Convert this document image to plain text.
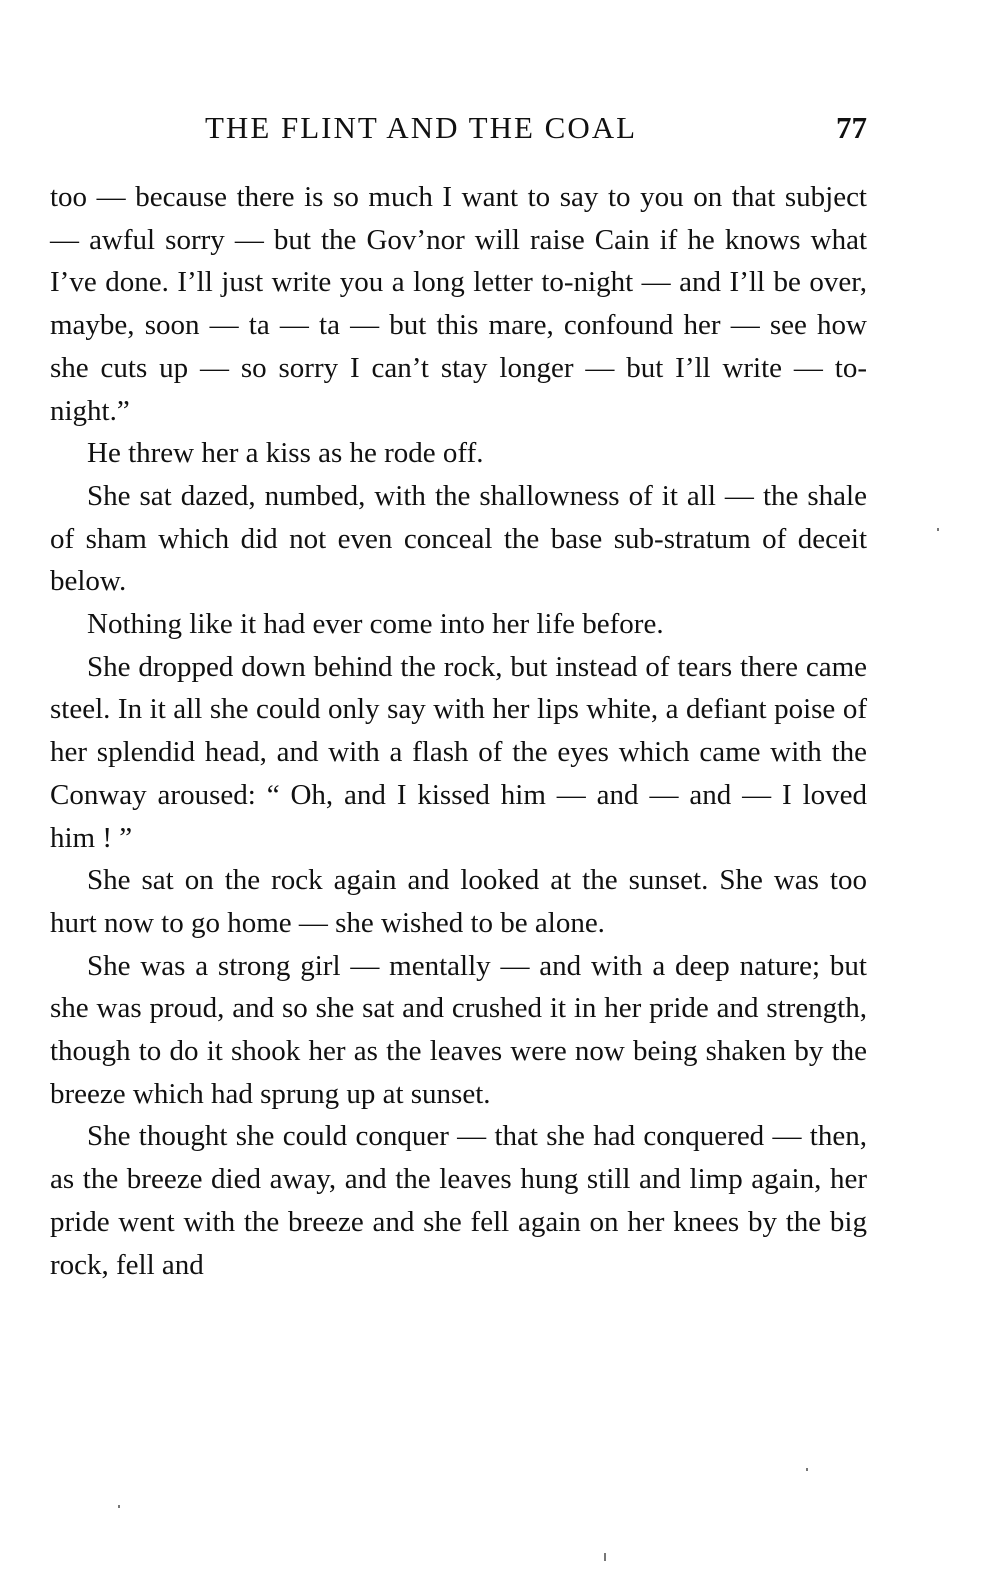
THE FLINT AND THE COAL	77

too — because there is so much I want to say to you on that subject — awful sorry — but the Gov’nor will raise Cain if he knows what I’ve done. I’ll just write you a long letter to-night — and I’ll be over, maybe, soon — ta — ta — but this mare, confound her — see how she cuts up — so sorry I can’t stay longer — but I’ll write — to-night.”

He threw her a kiss as he rode off.

She sat dazed, numbed, with the shallowness of it all — the shale of sham which did not even conceal the base sub-stratum of deceit below.

Nothing like it had ever come into her life before.

She dropped down behind the rock, but instead of tears there came steel. In it all she could only say with her lips white, a defiant poise of her splendid head, and with a flash of the eyes which came with the Conway aroused: “ Oh, and I kissed him — and — and — I loved him ! ”

She sat on the rock again and looked at the sunset. She was too hurt now to go home — she wished to be alone.

She was a strong girl — mentally — and with a deep nature; but she was proud, and so she sat and crushed it in her pride and strength, though to do it shook her as the leaves were now being shaken by the breeze which had sprung up at sunset.

She thought she could conquer — that she had conquered — then, as the breeze died away, and the leaves hung still and limp again, her pride went with the breeze and she fell again on her knees by the big rock, fell and
